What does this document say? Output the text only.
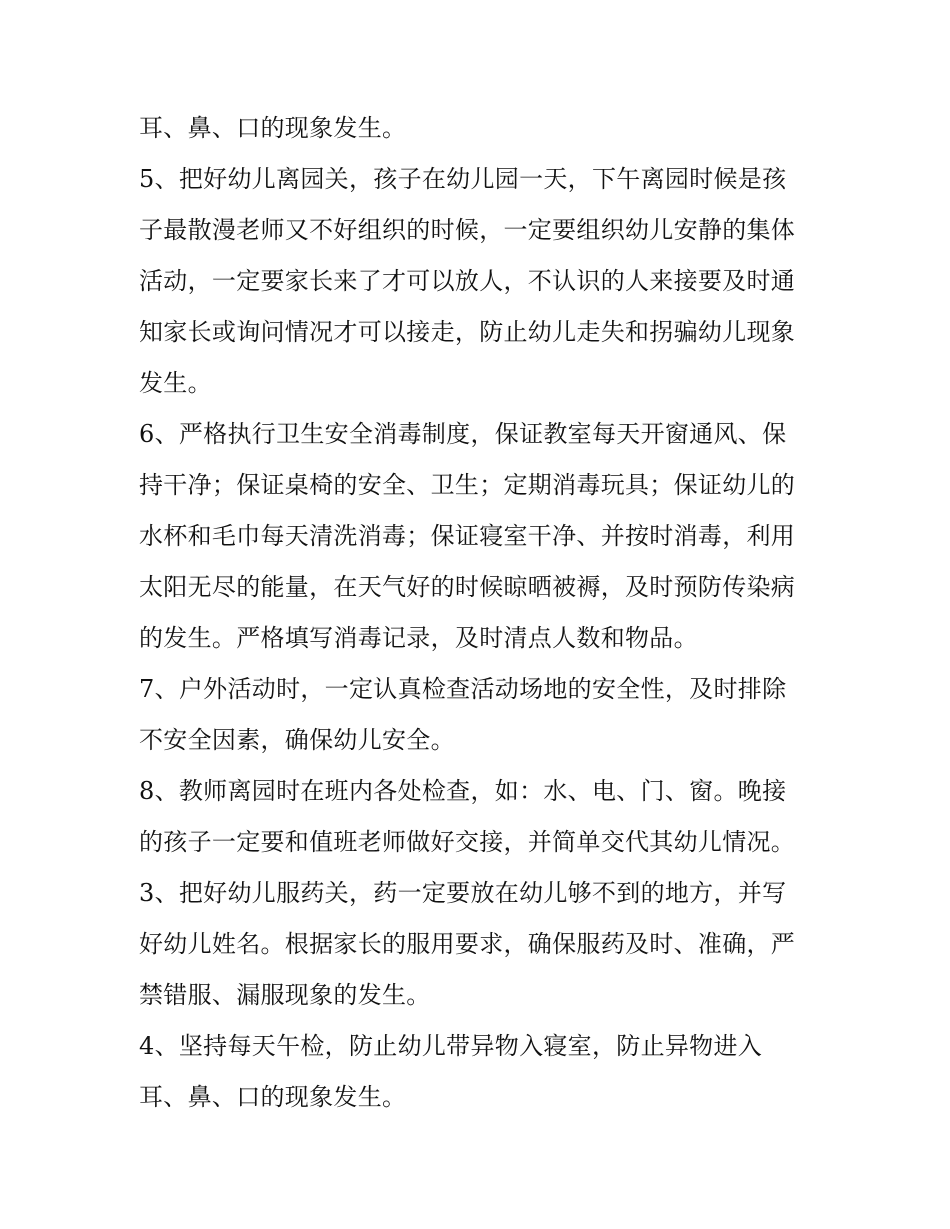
耳、鼻、口的现象发生。
5、把好幼儿离园关，孩子在幼儿园一天，下午离园时候是孩
子最散漫老师又不好组织的时候，一定要组织幼儿安静的集体
活动，一定要家长来了才可以放人，不认识的人来接要及时通
知家长或询问情况才可以接走，防止幼儿走失和拐骗幼儿现象
发生。
6、严格执行卫生安全消毒制度，保证教室每天开窗通风、保
持干净；保证桌椅的安全、卫生；定期消毒玩具；保证幼儿的
水杯和毛巾每天清洗消毒；保证寝室干净、并按时消毒，利用
太阳无尽的能量，在天气好的时候晾晒被褥，及时预防传染病
的发生。严格填写消毒记录，及时清点人数和物品。
7、户外活动时，一定认真检查活动场地的安全性，及时排除
不安全因素，确保幼儿安全。
8、教师离园时在班内各处检查，如：水、电、门、窗。晚接
的孩子一定要和值班老师做好交接，并简单交代其幼儿情况。
3、把好幼儿服药关，药一定要放在幼儿够不到的地方，并写
好幼儿姓名。根据家长的服用要求，确保服药及时、准确，严
禁错服、漏服现象的发生。
4、坚持每天午检，防止幼儿带异物入寝室，防止异物进入
耳、鼻、口的现象发生。
